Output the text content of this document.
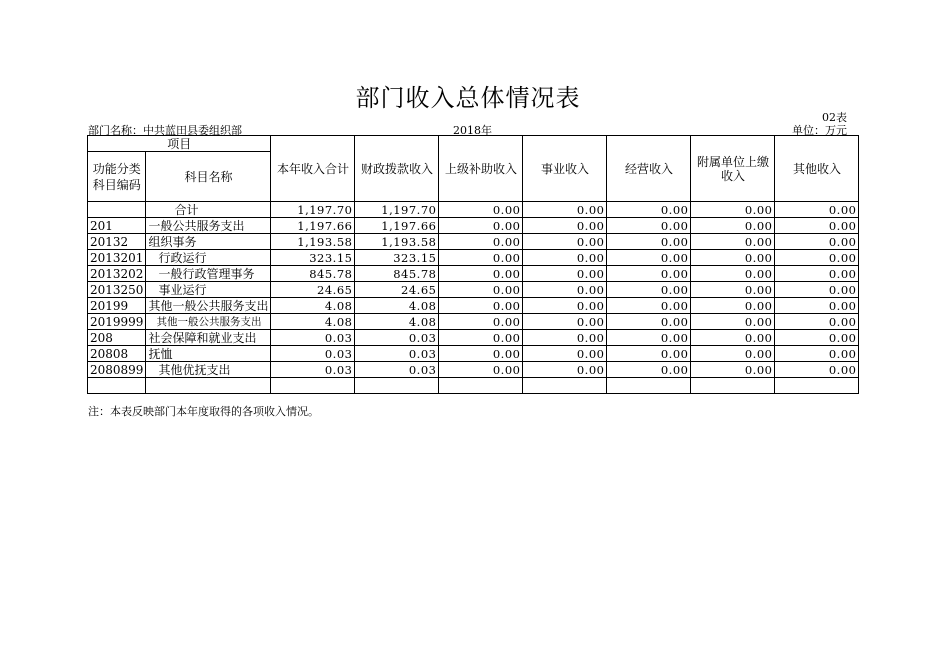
部门收入总体情况表
02表
部门名称：中共蓝田县委组织部	2018年	单位：万元
项目		本年收入合计	财政拨款收入	上级补助收入	事业收入	经营收入	附属单位上缴收入	其他收入
功能分类科目编码	科目名称							
	合计	1,197.70	1,197.70	0.00	0.00	0.00	0.00	0.00
201	一般公共服务支出	1,197.66	1,197.66	0.00	0.00	0.00	0.00	0.00
20132	组织事务	1,193.58	1,193.58	0.00	0.00	0.00	0.00	0.00
2013201	行政运行	323.15	323.15	0.00	0.00	0.00	0.00	0.00
2013202	一般行政管理事务	845.78	845.78	0.00	0.00	0.00	0.00	0.00
2013250	事业运行	24.65	24.65	0.00	0.00	0.00	0.00	0.00
20199	其他一般公共服务支出	4.08	4.08	0.00	0.00	0.00	0.00	0.00
2019999	其他一般公共服务支出	4.08	4.08	0.00	0.00	0.00	0.00	0.00
208	社会保障和就业支出	0.03	0.03	0.00	0.00	0.00	0.00	0.00
20808	抚恤	0.03	0.03	0.00	0.00	0.00	0.00	0.00
2080899	其他优抚支出	0.03	0.03	0.00	0.00	0.00	0.00	0.00

注：本表反映部门本年度取得的各项收入情况。
